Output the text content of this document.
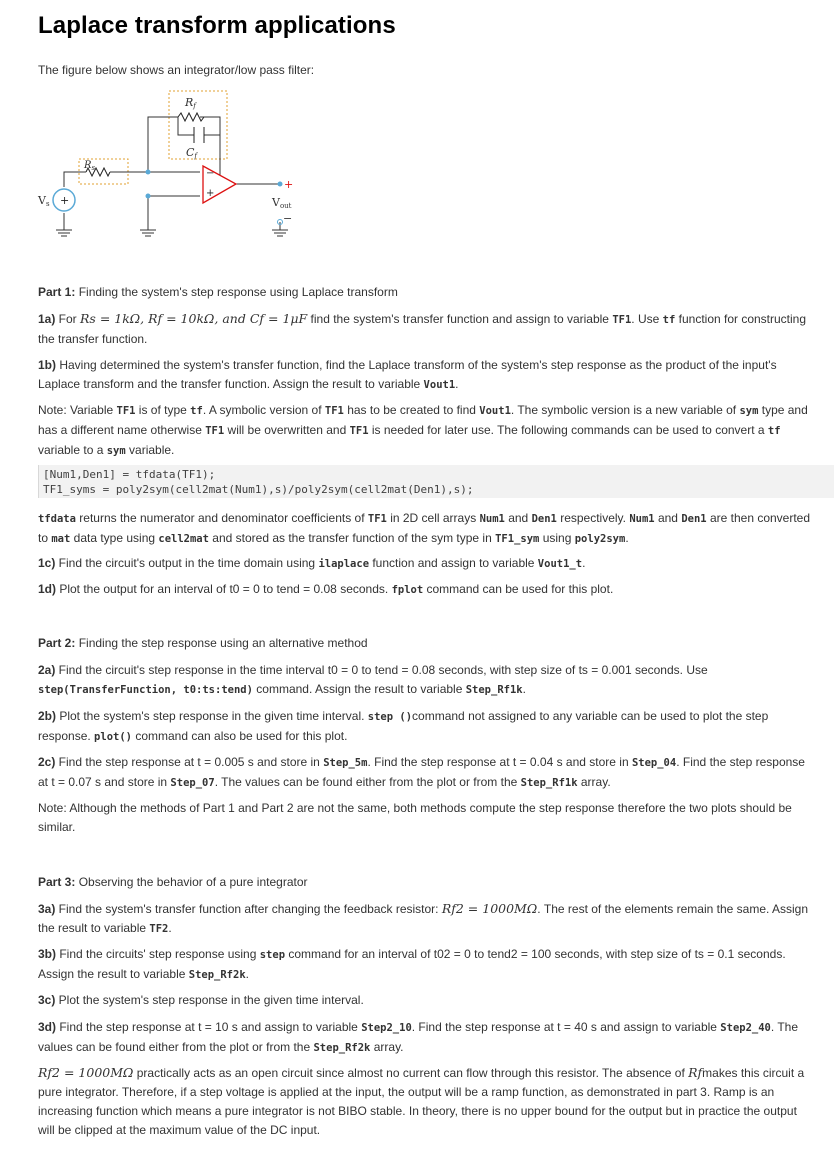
Laplace transform applications

The figure below shows an integrator/low pass filter:

−
+
+
Rf
Cf
$R_s$
Vs	Vout
+
−

Part 1: Finding the system's step response using Laplace transform

1a) For Rs = 1kΩ, Rf = 10kΩ, and Cf = 1μF find the system's transfer function and assign to variable TF1. Use tf function for constructing the transfer function.

1b) Having determined the system's transfer function, find the Laplace transform of the system's step response as the product of the input's Laplace transform and the transfer function. Assign the result to variable Vout1.

Note: Variable TF1 is of type tf. A symbolic version of TF1 has to be created to find Vout1. The symbolic version is a new variable of sym type and has a different name otherwise TF1 will be overwritten and TF1 is needed for later use. The following commands can be used to convert a tf variable to a sym variable.

[Num1,Den1] = tfdata(TF1);
TF1_syms = poly2sym(cell2mat(Num1),s)/poly2sym(cell2mat(Den1),s);

tfdata returns the numerator and denominator coefficients of TF1 in 2D cell arrays Num1 and Den1 respectively. Num1 and Den1 are then converted to mat data type using cell2mat and stored as the transfer function of the sym type in TF1_sym using poly2sym.

1c) Find the circuit's output in the time domain using ilaplace function and assign to variable Vout1_t.

1d) Plot the output for an interval of t0 = 0 to tend = 0.08 seconds. fplot command can be used for this plot.

Part 2: Finding the step response using an alternative method

2a) Find the circuit's step response in the time interval t0 = 0 to tend = 0.08 seconds, with step size of ts = 0.001 seconds. Use step(TransferFunction, t0:ts:tend) command. Assign the result to variable Step_Rf1k.

2b) Plot the system's step response in the given time interval. step ()command not assigned to any variable can be used to plot the step response. plot() command can also be used for this plot.

2c) Find the step response at t = 0.005 s and store in Step_5m. Find the step response at t = 0.04 s and store in Step_04. Find the step response at t = 0.07 s and store in Step_07. The values can be found either from the plot or from the Step_Rf1k array.

Note: Although the methods of Part 1 and Part 2 are not the same, both methods compute the step response therefore the two plots should be similar.

Part 3: Observing the behavior of a pure integrator

3a) Find the system's transfer function after changing the feedback resistor: Rf2 = 1000MΩ. The rest of the elements remain the same. Assign the result to variable TF2.

3b) Find the circuits' step response using step command for an interval of t02 = 0 to tend2 = 100 seconds, with step size of ts = 0.1 seconds. Assign the result to variable Step_Rf2k.

3c) Plot the system's step response in the given time interval.

3d) Find the step response at t = 10 s and assign to variable Step2_10. Find the step response at t = 40 s and assign to variable Step2_40. The values can be found either from the plot or from the Step_Rf2k array.

Rf2 = 1000MΩ practically acts as an open circuit since almost no current can flow through this resistor. The absence of Rfmakes this circuit a pure integrator. Therefore, if a step voltage is applied at the input, the output will be a ramp function, as demonstrated in part 3. Ramp is an increasing function which means a pure integrator is not BIBO stable. In theory, there is no upper bound for the output but in practice the output will be clipped at the maximum value of the DC input.
